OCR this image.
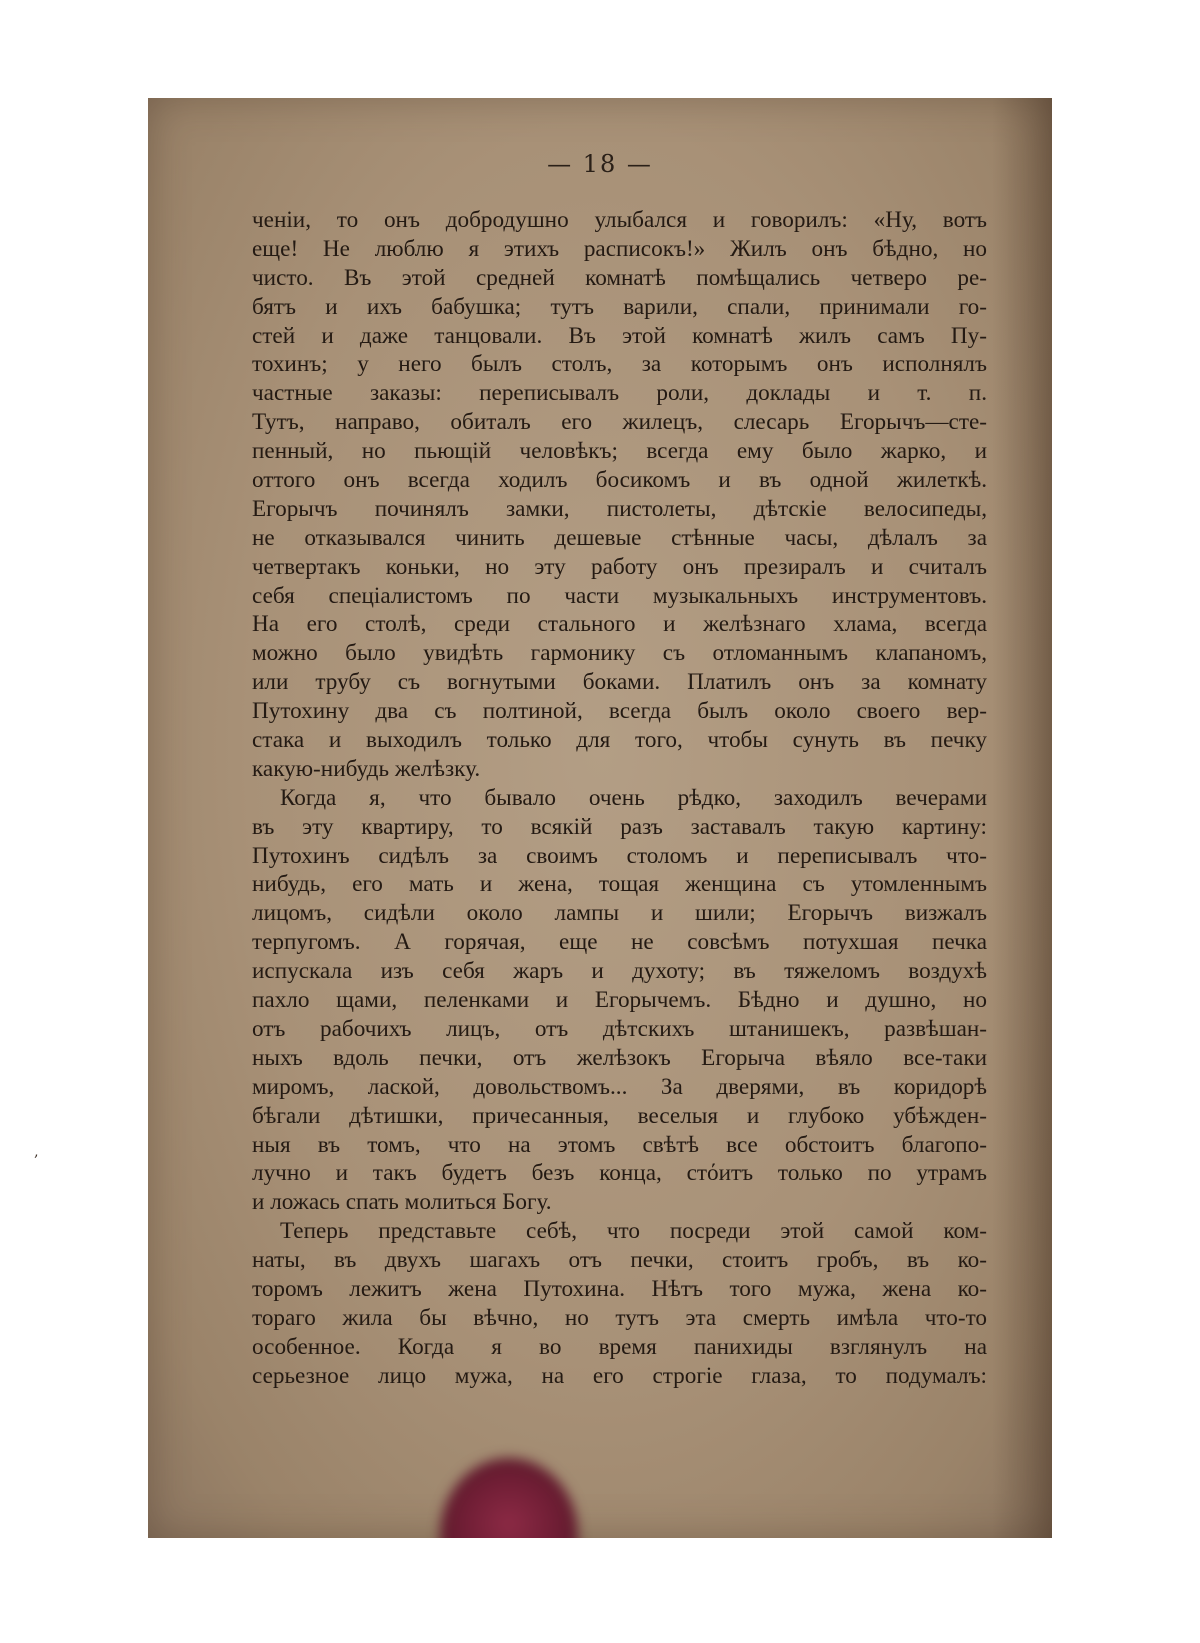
— 18 —
ченіи, то онъ добродушно улыбался и говорилъ: «Ну, вотъ
еще! Не люблю я этихъ расписокъ!» Жилъ онъ бѣдно, но
чисто. Въ этой средней комнатѣ помѣщались четверо ре-
бятъ и ихъ бабушка; тутъ варили, спали, принимали го-
стей и даже танцовали. Въ этой комнатѣ жилъ самъ Пу-
тохинъ; у него былъ столъ, за которымъ онъ исполнялъ
частные заказы: переписывалъ роли, доклады и т. п.
Тутъ, направо, обиталъ его жилецъ, слесарь Егорычъ—сте-
пенный, но пьющій человѣкъ; всегда ему было жарко, и
оттого онъ всегда ходилъ босикомъ и въ одной жилеткѣ.
Егорычъ починялъ замки, пистолеты, дѣтскіе велосипеды,
не отказывался чинить дешевые стѣнные часы, дѣлалъ за
четвертакъ коньки, но эту работу онъ презиралъ и считалъ
себя спеціалистомъ по части музыкальныхъ инструментовъ.
На его столѣ, среди стального и желѣзнаго хлама, всегда
можно было увидѣть гармонику съ отломаннымъ клапаномъ,
или трубу съ вогнутыми боками. Платилъ онъ за комнату
Путохину два съ полтиной, всегда былъ около своего вер-
стака и выходилъ только для того, чтобы сунуть въ печку
какую-нибудь желѣзку.
Когда я, что бывало очень рѣдко, заходилъ вечерами
въ эту квартиру, то всякій разъ заставалъ такую картину:
Путохинъ сидѣлъ за своимъ столомъ и переписывалъ что-
нибудь, его мать и жена, тощая женщина съ утомленнымъ
лицомъ, сидѣли около лампы и шили; Егорычъ визжалъ
терпугомъ. А горячая, еще не совсѣмъ потухшая печка
испускала изъ себя жаръ и духоту; въ тяжеломъ воздухѣ
пахло щами, пеленками и Егорычемъ. Бѣдно и душно, но
отъ рабочихъ лицъ, отъ дѣтскихъ штанишекъ, развѣшан-
ныхъ вдоль печки, отъ желѣзокъ Егорыча вѣяло все-таки
миромъ, лаской, довольствомъ... За дверями, въ коридорѣ
бѣгали дѣтишки, причесанныя, веселыя и глубоко убѣжден-
ныя въ томъ, что на этомъ свѣтѣ все обстоитъ благопо-
лучно и такъ будетъ безъ конца, стόитъ только по утрамъ
и ложась спать молиться Богу.
Теперь представьте себѣ, что посреди этой самой ком-
наты, въ двухъ шагахъ отъ печки, стоитъ гробъ, въ ко-
торомъ лежитъ жена Путохина. Нѣтъ того мужа, жена ко-
тораго жила бы вѣчно, но тутъ эта смерть имѣла что-то
особенное. Когда я во время панихиды взглянулъ на
серьезное лицо мужа, на его строгіе глаза, то подумалъ:
‚
